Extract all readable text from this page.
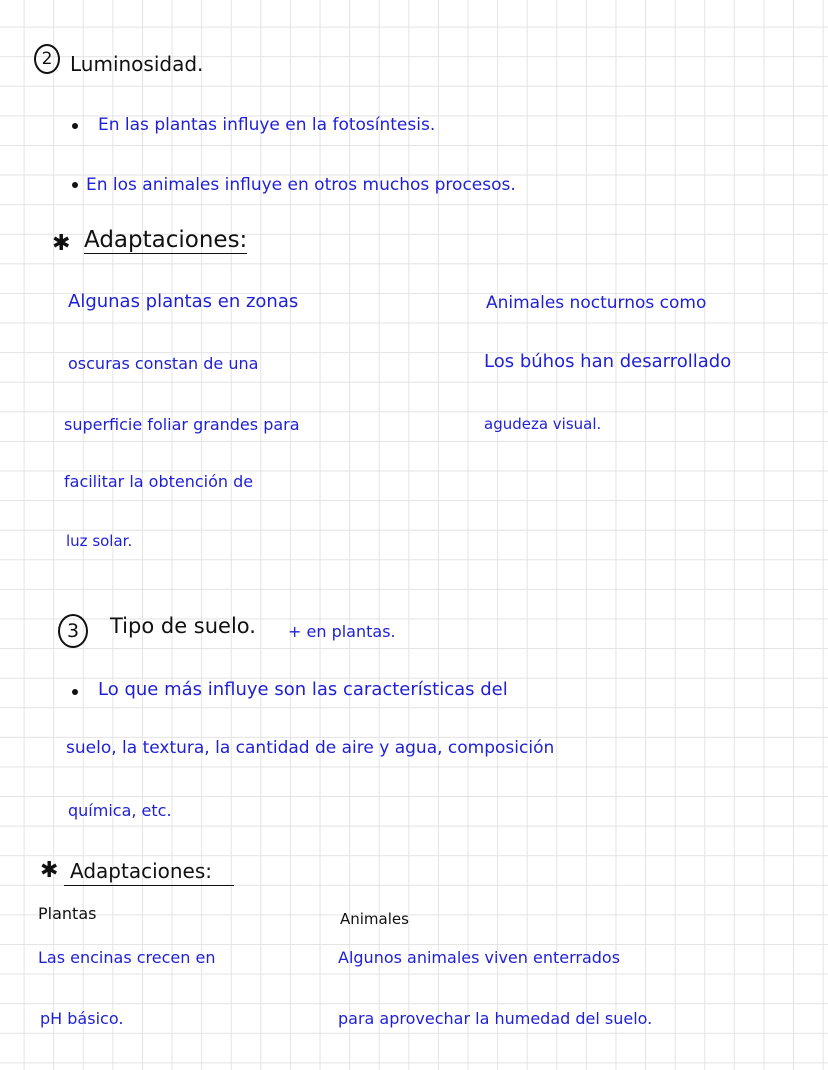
2 Luminosidad.
En las plantas influye en la fotosíntesis.
En los animales influye en otros muchos procesos.
✱ Adaptaciones:
Algunas plantas en zonas
oscuras constan de una
superficie foliar grandes para
facilitar la obtención de
luz solar.
Animales nocturnos como
Los búhos han desarrollado
agudeza visual.
3 Tipo de suelo. + en plantas.
Lo que más influye son las características del
suelo, la textura, la cantidad de aire y agua, composición
química, etc.
✱ Adaptaciones:
Plantas	Animales
Las encinas crecen en
pH básico.
Algunos animales viven enterrados
para aprovechar la humedad del suelo.
